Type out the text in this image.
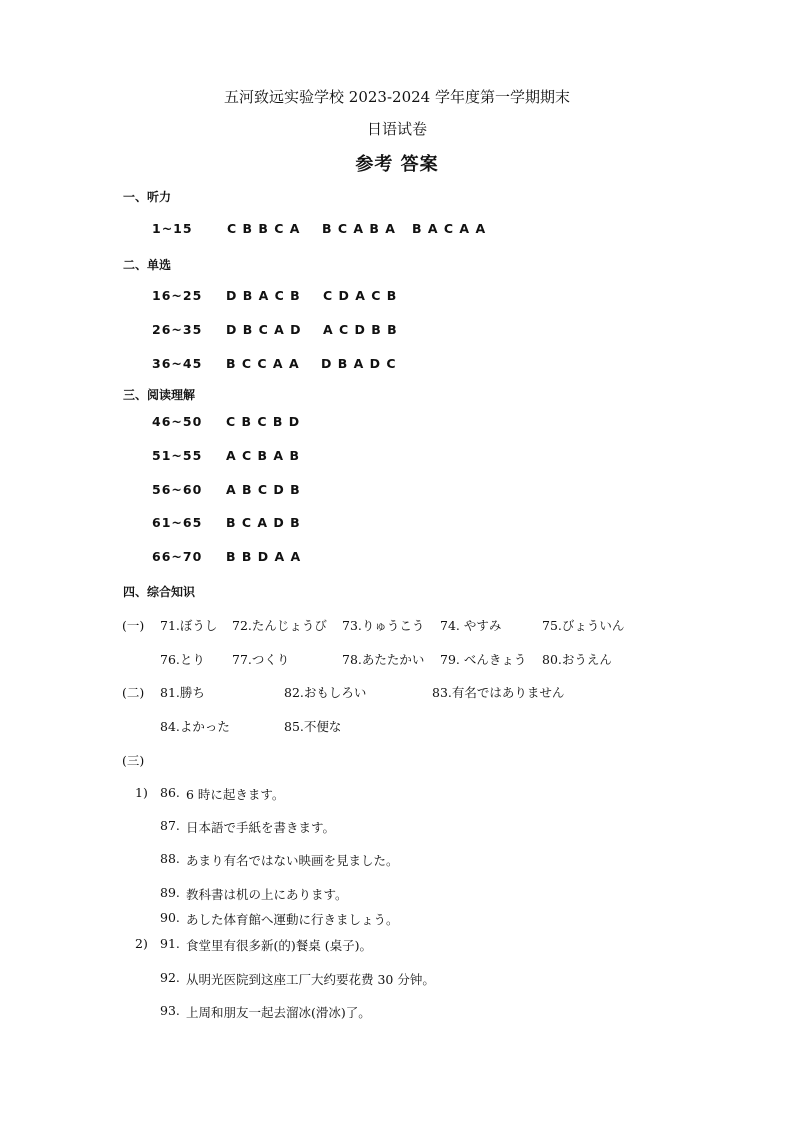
五河致远实验学校 2023-2024 学年度第一学期期末
日语试卷
参考 答案
一、听力
1~15	C B B C A B C A B A B A C A A
二、单选
16~25 D B A C B C D A C B
26~35 D B C A D A C D B B
36~45 B C C A A D B A D C
三、阅读理解
46~50 C B C B D
51~55 A C B A B
56~60 A B C D B
61~65 B C A D B
66~70 B B D A A
四、综合知识
(一) 71.ぼうし 72.たんじょうび 73.りゅうこう 74. やすみ	75.びょういん
76.とり 77.つくり	78.あたたかい 79. べんきょう 80.おうえん
(二) 81.勝ち	82.おもしろい	83.有名ではありません
84.よかった	85.不便な
(三)
1) 86. 6 時に起きます。
87. 日本語で手紙を書きます。
88. あまり有名ではない映画を見ました。
89. 教科書は机の上にあります。
90. あした体育館へ運動に行きましょう。
2) 91. 食堂里有很多新(的)餐桌 (桌子)。
92. 从明光医院到这座工厂大约要花费 30 分钟。
93. 上周和朋友一起去溜冰(滑冰)了。
